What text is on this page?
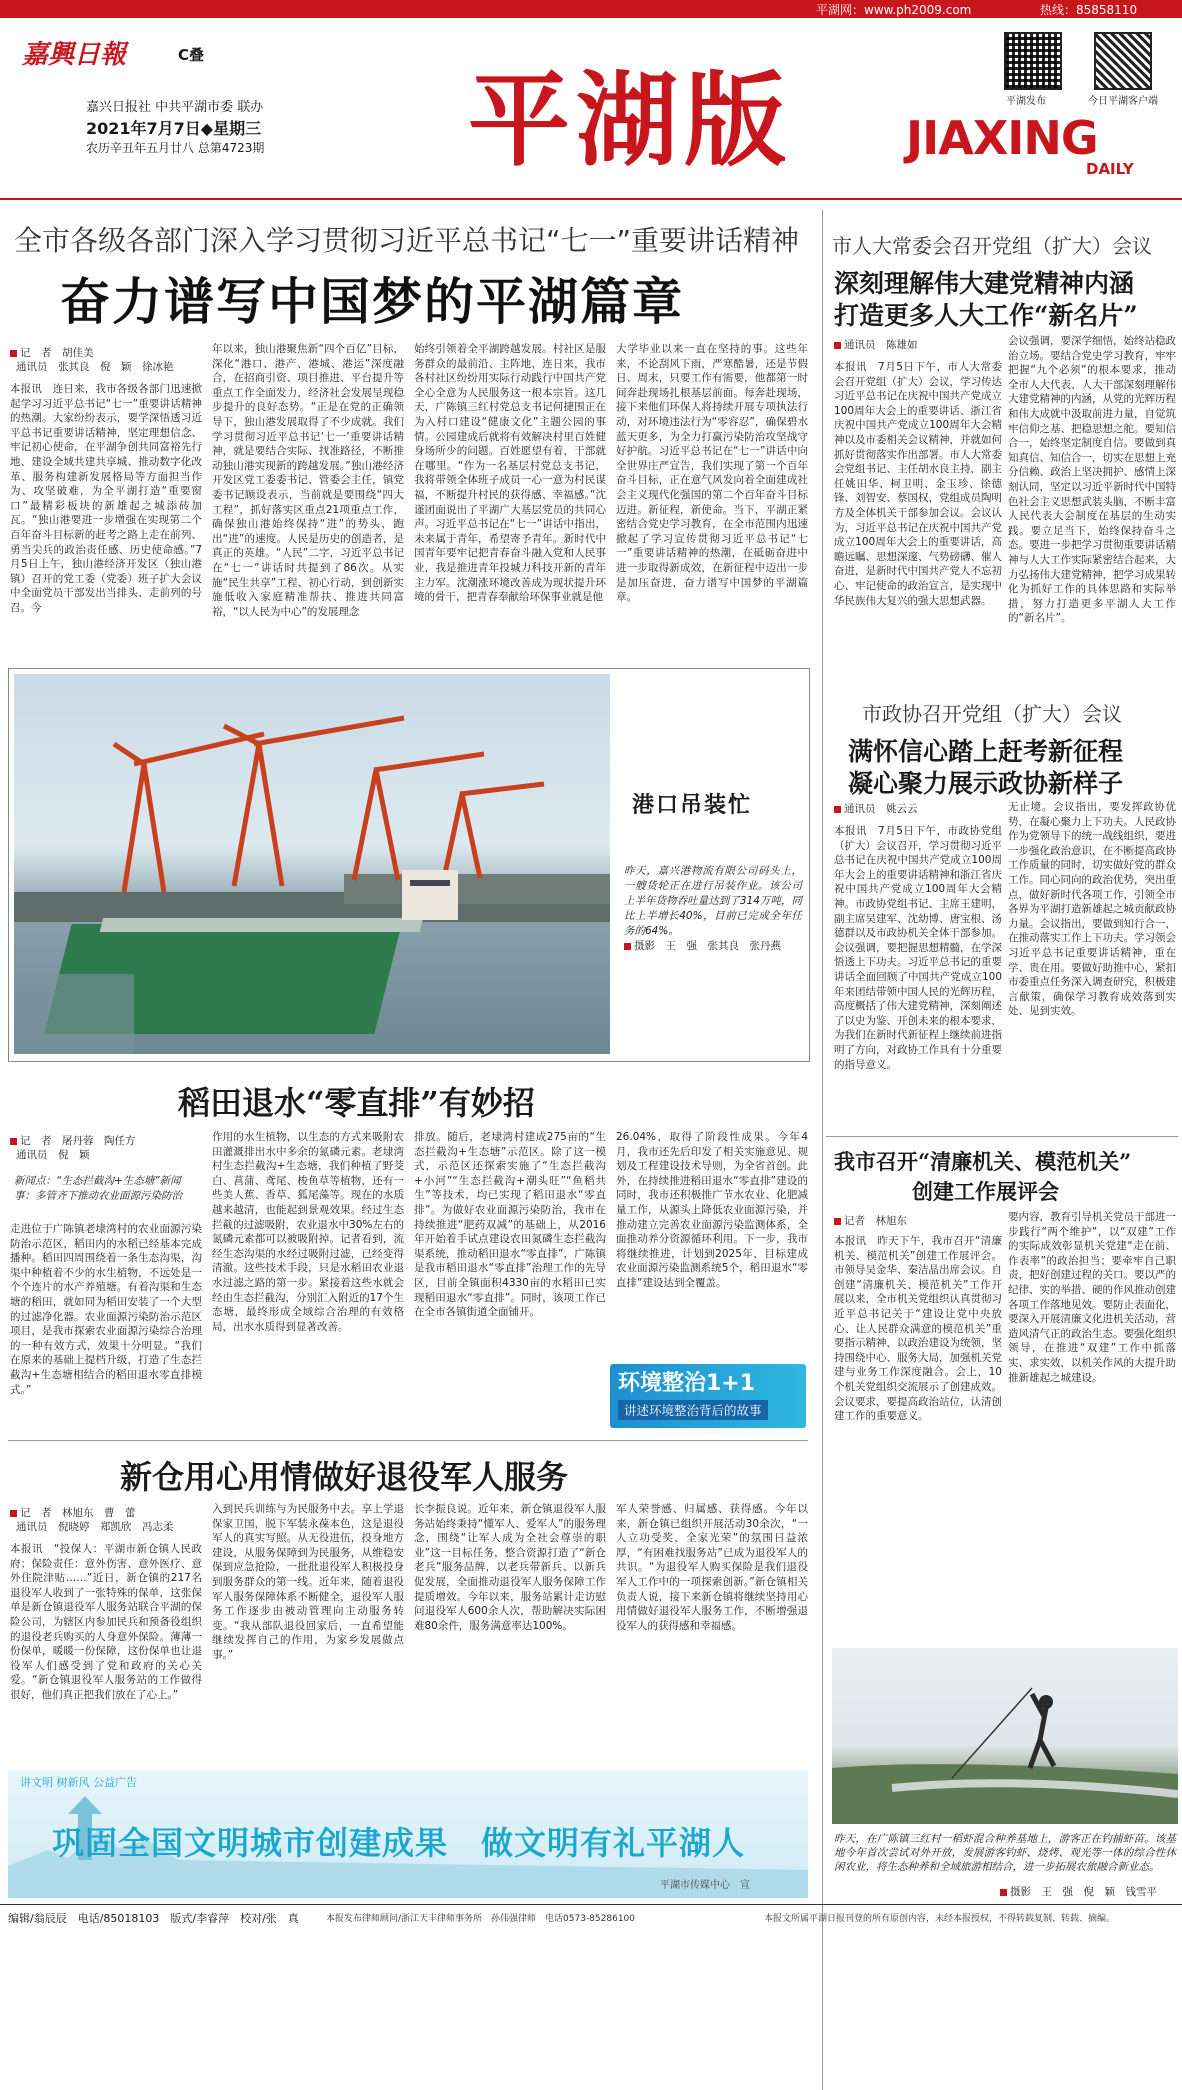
平湖网：www.ph2009.com	热线：85858110
嘉興日報	C叠
嘉兴日报社 中共平湖市委 联办
2021年7月7日◆星期三
农历辛丑年五月廿八 总第4723期 平湖版	平湖发布	今日平湖客户端
JIAXING
DAILY
全市各级各部门深入学习贯彻习近平总书记“七一”重要讲话精神
奋力谱写中国梦的平湖篇章
记　者　胡佳美
通讯员　张其良　倪　颖　徐冰艳
本报讯　连日来，我市各级各部门迅速掀起学习习近平总书记“七一”重要讲话精神的热潮。大家纷纷表示，要学深悟透习近平总书记重要讲话精神，坚定理想信念、牢记初心使命，在平湖争创共同富裕先行地、建设全域共建共享城、推动数字化改革、服务构建新发展格局等方面担当作为、攻坚破难，为全平湖打造“重要窗口”最精彩板块的新雄起之城添砖加瓦。“独山港要进一步增强在实现第二个百年奋斗目标新的赶考之路上走在前列、勇当尖兵的政治责任感、历史使命感。”7月5日上午，独山港经济开发区（独山港镇）召开的党工委（党委）班子扩大会议中全面党员干部发出当排头、走前列的号召。今
年以来，独山港聚焦新“四个百亿”目标，深化“港口、港产、港城、港运”深度融合，在招商引资、项目推进、平台提升等重点工作全面发力，经济社会发展呈现稳步提升的良好态势。“正是在党的正确领导下，独山港发展取得了不少成就。我们学习贯彻习近平总书记‘七一’重要讲话精神，就是要结合实际、找准路径，不断推动独山港实现新的跨越发展。”独山港经济开发区党工委委书记、管委会主任，镇党委书记顾设表示，当前就是要围绕“四大工程”，抓好落实区重点21项重点工作，确保独山港始终保持“进”的势头，跑出“进”的速度。人民是历史的创造者，是真正的英雄。“人民”二字，习近平总书记在“七一”讲话时共提到了86次。从实施“民生共享”工程、初心行动，到创新实施低收入家庭精准帮扶、推进共同富裕，“以人民为中心”的发展理念
始终引领着全平湖跨越发展。村社区是服务群众的最前沿、主阵地，连日来，我市各村社区纷纷用实际行动践行中国共产党全心全意为人民服务这一根本宗旨。这几天，广陈镇三红村党总支书记何捷围正在为入村口建设“健康文化”主题公园的事情。公园建成后就将有效解决村里百姓健身场所少的问题。百姓愿望有着，干部就在哪里。“作为一名基层村党总支书记，我将带领全体班子成员一心一意为村民谋福，不断提升村民的获得感、幸福感。”沈谨团面说出了平湖广大基层党员的共同心声。习近平总书记在“七一”讲话中指出，未来属于青年，希望寄予青年。新时代中国青年要牢记把青春奋斗融入党和人民事业，我是推进青年投城力科技开新的青年主力军。沈潮涨环境改善成为现状提升环境的骨干，把青春奉献给环保事业就是他
大学毕业以来一直在坚持的事。这些年来，不论刮风下雨，严寒酷暑，还是节假日、周末，只要工作有需要，他都第一时间奔赴现场扎根基层前面。每奔赴现场，接下来他们环保人将持续开展专项执法行动，对环境违法行为“零容忍”，确保碧水蓝天更多，为全力打赢污染防治攻坚战守好护航。习近平总书记在“七一”讲话中向全世界庄严宣告，我们实现了第一个百年奋斗目标，正在意气风发向着全面建成社会主义现代化强国的第二个百年奋斗目标迈进。新征程，新使命。当下，平湖正紧密结合党史学习教育，在全市范围内迅速掀起了学习宣传贯彻习近平总书记“七一”重要讲话精神的热潮，在砥砺奋进中进一步取得新成效，在新征程中迈出一步是加压奋进，奋力谱写中国梦的平湖篇章。
港口吊装忙
昨天，嘉兴港物流有限公司码头上，一艘货轮正在进行吊装作业。该公司上半年货物吞吐量达到了314万吨，同比上半增长40%，目前已完成全年任务的64%。
摄影　王　强　张其良　张丹燕
市人大常委会召开党组（扩大）会议
深刻理解伟大建党精神内涵
打造更多人大工作“新名片”
通讯员　陈雄如
本报讯　7月5日下午，市人大常委会召开党组（扩大）会议，学习传达习近平总书记在庆祝中国共产党成立100周年大会上的重要讲话、浙江省庆祝中国共产党成立100周年大会精神以及市委相关会议精神，并就如何抓好贯彻落实作出部署。市人大常委会党组书记、主任胡水良主持，副主任姚田华、柯卫明、金玉珍、徐德锋、刘智安、蔡国权，党组成员陶明方及全体机关干部参加会议。会议认为，习近平总书记在庆祝中国共产党成立100周年大会上的重要讲话，高瞻远瞩、思想深邃、气势磅礴、催人奋进，是新时代中国共产党人不忘初心、牢记使命的政治宣言，是实现中华民族伟大复兴的强大思想武器。
会议强调，要深学细悟，始终站稳政治立场。要结合党史学习教育，牢牢把握“九个必须”的根本要求，推动全市人大代表、人大干部深刻理解伟大建党精神的内涵，从党的光辉历程和伟大成就中汲取前进力量，自觉筑牢信仰之基、把稳思想之舵。要知信合一，始终坚定制度自信。要做到真知真信、知信合一，切实在思想上充分信赖、政治上坚决拥护、感情上深刻认同，坚定以习近平新时代中国特色社会主义思想武装头脑，不断丰富人民代表大会制度在基层的生动实践。要立足当下，始终保持奋斗之态。要进一步把学习贯彻重要讲话精神与人大工作实际紧密结合起来，大力弘扬伟大建党精神，把学习成果转化为抓好工作的具体思路和实际举措，努力打造更多平湖人大工作的“新名片”。
市政协召开党组（扩大）会议
满怀信心踏上赶考新征程
凝心聚力展示政协新样子
通讯员　姚云云
本报讯　7月5日下午，市政协党组（扩大）会议召开，学习贯彻习近平总书记在庆祝中国共产党成立100周年大会上的重要讲话精神和浙江省庆祝中国共产党成立100周年大会精神。市政协党组书记、主席王建明，副主席吴建军、沈幼博、唐宝根、汤德群以及市政协机关全体干部参加。会议强调，要把握思想精髓，在学深悟透上下功夫。习近平总书记的重要讲话全面回顾了中国共产党成立100年来团结带领中国人民的光辉历程，高度概括了伟大建党精神，深刻阐述了以史为鉴、开创未来的根本要求，为我们在新时代新征程上继续前进指明了方向，对政协工作具有十分重要的指导意义。
无止境。会议指出，要发挥政协优势，在凝心聚力上下功夫。人民政协作为党领导下的统一战线组织，要进一步强化政治意识，在不断提高政协工作质量的同时，切实做好党的群众工作。同心同向的政治优势，突出重点，做好新时代各项工作，引领全市各界为平湖打造新雄起之城贡献政协力量。会议指出，要做到知行合一，在推动落实工作上下功夫。学习领会习近平总书记重要讲话精神，重在学、贵在用。要做好助推中心，紧扣市委重点任务深入调查研究，积极建言献策，确保学习教育成效落到实处、见到实效。
我市召开“清廉机关、模范机关”
创建工作展评会
记者　林旭东
本报讯　昨天下午，我市召开“清廉机关、模范机关”创建工作展评会。市领导吴金华、秦洁晶出席会议。自创建“清廉机关、模范机关”工作开展以来，全市机关党组织认真贯彻习近平总书记关于“建设让党中央放心、让人民群众满意的模范机关”重要指示精神，以政治建设为统领，坚持围绕中心、服务大局，加强机关党建与业务工作深度融合。会上，10个机关党组织交流展示了创建成效。会议要求，要提高政治站位，认清创建工作的重要意义。
要内容，教育引导机关党员干部进一步践行“两个维护”，以“双建”工作的实际成效彰显机关党建“走在前、作表率”的政治担当；要牵牢自己职责，把好创建过程的关口。要以严的纪律、实的举措、硬的作风推动创建各项工作落地见效。要防止表面化，要深入开展清廉文化进机关活动，营造风清气正的政治生态。要强化组织领导，在推进“双建”工作中抓落实、求实效，以机关作风的大提升助推新雄起之城建设。
昨天，在广陈镇三红村一稻虾混合种养基地上，游客正在钓捕虾苗。该基地今年首次尝试对外开放，发展游客钓虾、烧烤、观光等一体的综合性休闲农业，将生态种养和全域旅游相结合，进一步拓展农旅融合新业态。
摄影　王　强　倪　颖　钱雪平
稻田退水“零直排”有妙招
记　者　屠丹蓉　陶任方
通讯员　倪　颖
新闻点：“生态拦截沟+生态塘”新闻事：多管齐下推动农业面源污染防治
走进位于广陈镇老埭湾村的农业面源污染防治示范区，稻田内的水稻已经基本完成播种。稻田四周围绕着一条生态沟渠，沟渠中种植着不少的水生植物，不远处是一个个连片的水产养殖塘。有着沟渠和生态塘的稻田，就如同为稻田安装了一个大型的过滤净化器。农业面源污染防治示范区项目，是我市探索农业面源污染综合治理的一种有效方式，效果十分明显。“我们在原来的基础上提档升级，打造了生态拦截沟+生态塘相结合的稻田退水零直排模式。”
作用的水生植物，以生态的方式来吸附农田灌溉排出水中多余的氮磷元素。老埭湾村生态拦截沟+生态塘，我们种植了野茭白、菖蒲、鸢尾、梭鱼草等植物，还有一些美人蕉、香草、狐尾藻等。现在的水质越来越清，也能起到景观效果。经过生态拦截的过滤吸附，农业退水中30%左右的氮磷元素都可以被吸附掉。记者看到，流经生态沟渠的水经过吸附过滤，已经变得清澈。这些技术手段，只是水稻田农业退水过滤之路的第一步。紧接着这些水就会经由生态拦截沟，分别汇入附近的17个生态塘，最终形成全域综合治理的有效格局，出水水质得到显著改善。
排放。随后，老埭湾村建成275亩的“生态拦截沟+生态塘”示范区。除了这一模式，示范区还探索实施了“生态拦截沟+小河”“生态拦截沟+潮头旺”“鱼稻共生”等技术，均已实现了稻田退水“零直排”。为做好农业面源污染防治，我市在持续推进“肥药双减”的基础上，从2016年开始着手试点建设农田氮磷生态拦截沟渠系统，推动稻田退水“零直排”，广陈镇是我市稻田退水“零直排”治理工作的先导区，目前全镇面积4330亩的水稻田已实现稻田退水“零直排”。同时，该项工作已在全市各镇街道全面铺开。
26.04%，取得了阶段性成果。今年4月，我市还先后印发了相关实施意见、规划及工程建设技术导则，为全省首创。此外，在持续推进稻田退水“零直排”建设的同时，我市还积极推广节水农业、化肥减量工作，从源头上降低农业面源污染，并推动建立完善农业面源污染监测体系，全面推动养分资源循环利用。下一步，我市将继续推进，计划到2025年，目标建成农业面源污染监测系统5个，稻田退水“零直排”建设达到全覆盖。
环境整治1+1
讲述环境整治背后的故事
新仓用心用情做好退役军人服务
记　者　林旭东　曹　蕾
通讯员　倪晓婷　郑凯欣　冯志柔
本报讯　“投保人：平湖市新仓镇人民政府；保险责任：意外伤害、意外医疗、意外住院津贴……”近日，新仓镇的217名退役军人收到了一张特殊的保单，这张保单是新仓镇退役军人服务站联合平湖的保险公司，为辖区内参加民兵和预备役组织的退役老兵购买的人身意外保险。薄薄一份保单，暖暖一份保障，这份保单也让退役军人们感受到了党和政府的关心关爱。“新仓镇退役军人服务站的工作做得很好，他们真正把我们放在了心上。”
入到民兵训练与为民服务中去。享上学退保家卫国，脱下军装永葆本色，这是退役军人的真实写照。从无役进伍，投身地方建设，从服务保障到为民服务，从维稳安保到应急抢险，一批批退役军人积极投身到服务群众的第一线。近年来，随着退役军人服务保障体系不断健全，退役军人服务工作逐步由被动管理向主动服务转变。“我从部队退役回家后，一直希望能继续发挥自己的作用，为家乡发展做点事。”
长李振良说。近年来，新仓镇退役军人服务站始终秉持“懂军人、爱军人”的服务理念，围绕“让军人成为全社会尊崇的职业”这一目标任务，整合资源打造了“新仓老兵”服务品牌，以老兵带新兵、以新兵促发展，全面推动退役军人服务保障工作提质增效。今年以来，服务站累计走访慰问退役军人600余人次，帮助解决实际困难80余件，服务满意率达100%。
军人荣誉感、归属感、获得感。今年以来，新仓镇已组织开展活动30余次，“一人立功受奖，全家光荣”的氛围日益浓厚，“有困难找服务站”已成为退役军人的共识。“为退役军人购买保险是我们退役军人工作中的一项探索创新。”新仓镇相关负责人说，接下来新仓镇将继续坚持用心用情做好退役军人服务工作，不断增强退役军人的获得感和幸福感。
讲文明 树新风 公益广告
巩固全国文明城市创建成果　做文明有礼平湖人
平湖市传媒中心　宣
编辑/翁辰辰　电话/85018103　版式/李睿萍　校对/张　真	本报发布律师顾问/浙江天丰律师事务所　孙伟强律师　电话0573-85286100	本报文所属平湖日报刊登的所有原创内容，未经本报授权，不得转载复制、转载、摘编。
